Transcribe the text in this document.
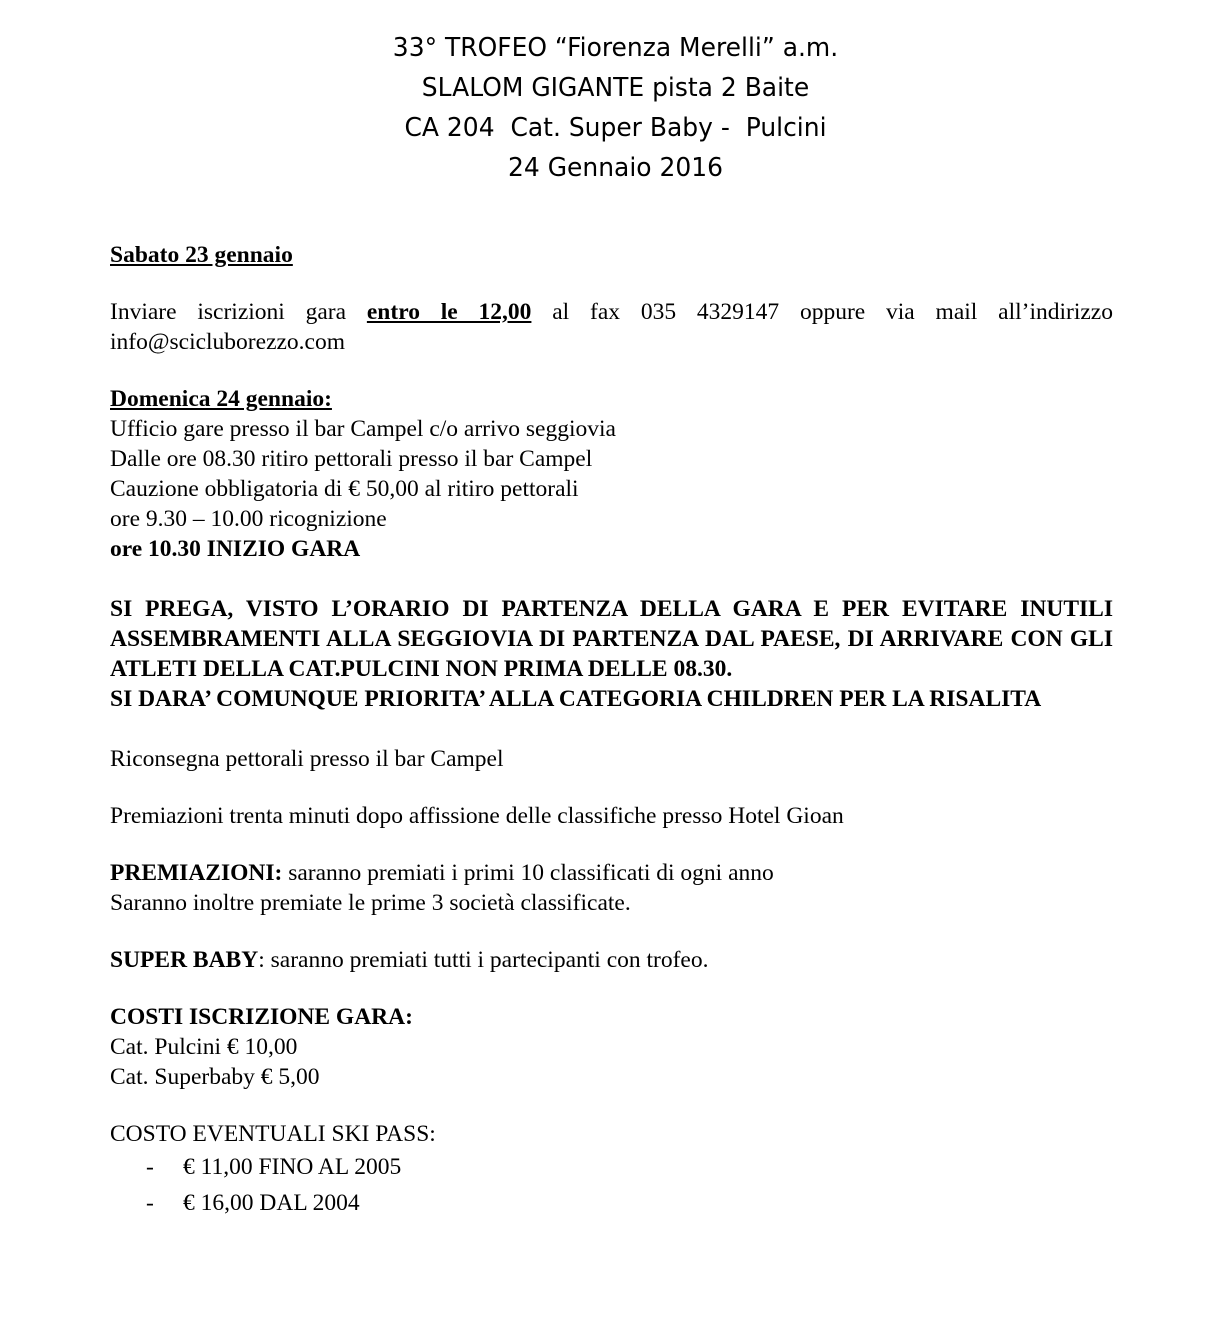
33° TROFEO “Fiorenza Merelli” a.m.
SLALOM GIGANTE pista 2 Baite
CA 204  Cat. Super Baby -  Pulcini
24 Gennaio 2016

Sabato 23 gennaio

Inviare iscrizioni gara entro le 12,00 al fax 035 4329147 oppure via mail all’indirizzo info@scicluborezzo.com

Domenica 24 gennaio:

Ufficio gare presso il bar Campel c/o arrivo seggiovia

Dalle ore 08.30 ritiro pettorali presso il bar Campel

Cauzione obbligatoria di € 50,00 al ritiro pettorali

ore 9.30 – 10.00 ricognizione

ore 10.30 INIZIO GARA

SI PREGA, VISTO L’ORARIO DI PARTENZA DELLA GARA E PER EVITARE INUTILI ASSEMBRAMENTI ALLA SEGGIOVIA DI PARTENZA DAL PAESE, DI ARRIVARE CON GLI ATLETI DELLA CAT.PULCINI NON PRIMA DELLE 08.30.

SI DARA’ COMUNQUE PRIORITA’ ALLA CATEGORIA CHILDREN PER LA RISALITA

Riconsegna pettorali presso il bar Campel

Premiazioni trenta minuti dopo affissione delle classifiche presso Hotel Gioan

PREMIAZIONI: saranno premiati i primi 10 classificati di ogni anno

Saranno inoltre premiate le prime 3 società classificate.

SUPER BABY: saranno premiati tutti i partecipanti con trofeo.

COSTI ISCRIZIONE GARA:

Cat. Pulcini € 10,00

Cat. Superbaby € 5,00

COSTO EVENTUALI SKI PASS:

- € 11,00 FINO AL 2005
- € 16,00 DAL 2004
